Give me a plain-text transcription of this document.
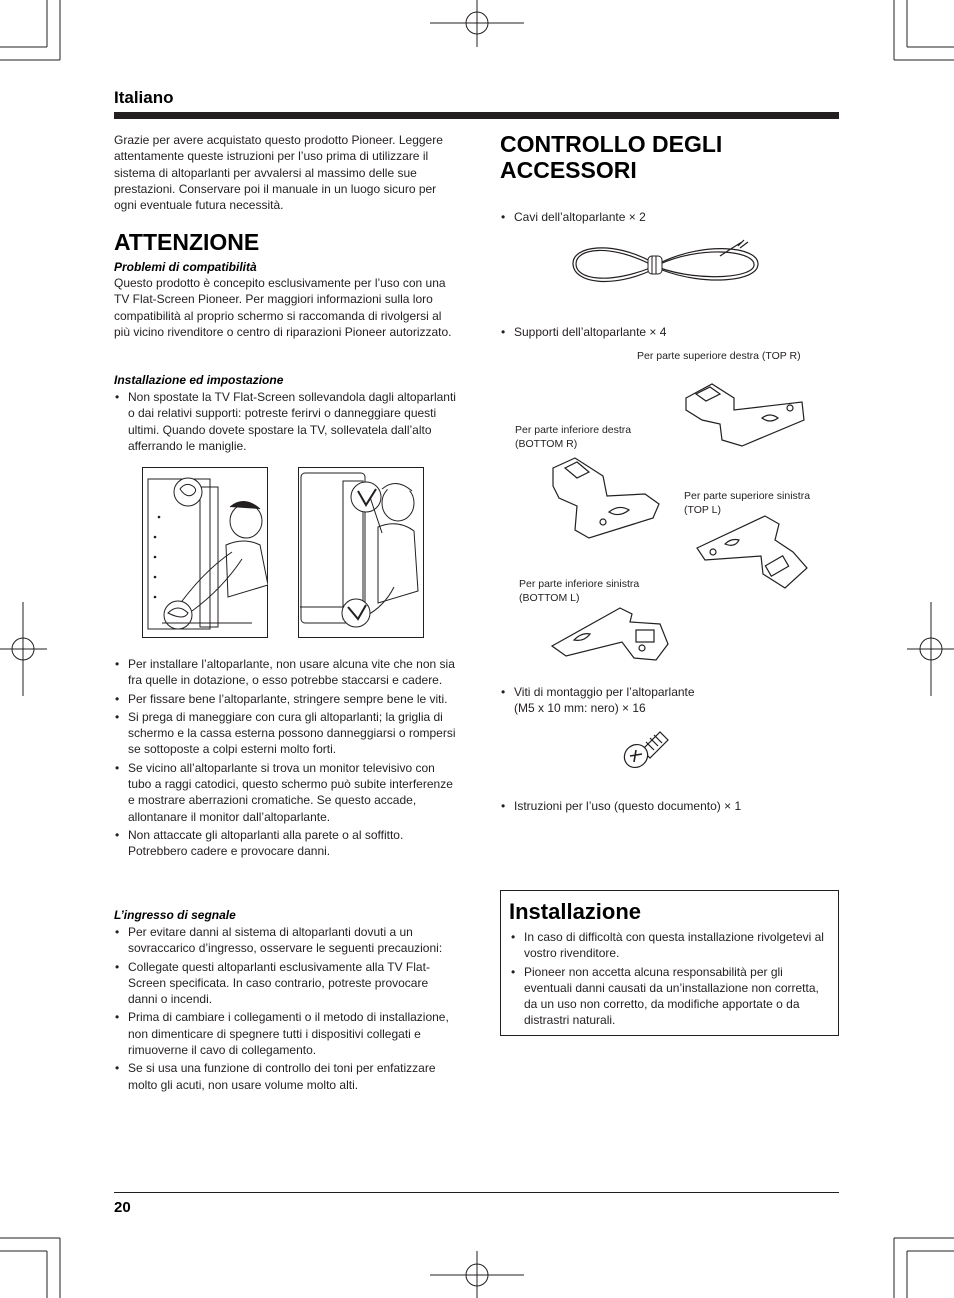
Italiano

Grazie per avere acquistato questo prodotto Pioneer. Leggere attentamente queste istruzioni per l’uso prima di utilizzare il sistema di altoparlanti per avvalersi al massimo delle sue prestazioni. Conservare poi il manuale in un luogo sicuro per ogni eventuale futura necessità.

ATTENZIONE
Problemi di compatibilità

Questo prodotto è concepito esclusivamente per l’uso con una TV Flat-Screen Pioneer. Per maggiori informazioni sulla loro compatibilità al proprio schermo si raccomanda di rivolgersi al più vicino rivenditore o centro di riparazioni Pioneer autorizzato.

Installazione ed impostazione
• Non spostate la TV Flat-Screen sollevandola dagli altoparlanti o dai relativi supporti: potreste ferirvi o danneggiare questi ultimi. Quando dovete spostare la TV, sollevatela dall’alto afferrando le maniglie.
• Per installare l’altoparlante, non usare alcuna vite che non sia fra quelle in dotazione, o esso potrebbe staccarsi e cadere.
• Per fissare bene l’altoparlante, stringere sempre bene le viti.
• Si prega di maneggiare con cura gli altoparlanti; la griglia di schermo e la cassa esterna possono danneggiarsi o rompersi se sottoposte a colpi esterni molto forti.
• Se vicino all’altoparlante si trova un monitor televisivo con tubo a raggi catodici, questo schermo può subite interferenze e mostrare aberrazioni cromatiche. Se questo accade, allontanare il monitor dall’altoparlante.
• Non attaccate gli altoparlanti alla parete o al soffitto. Potrebbero cadere e provocare danni.
L’ingresso di segnale
• Per evitare danni al sistema di altoparlanti dovuti a un sovraccarico d’ingresso, osservare le seguenti precauzioni:
• Collegate questi altoparlanti esclusivamente alla TV Flat-Screen specificata. In caso contrario, potreste provocare danni o incendi.
• Prima di cambiare i collegamenti o il metodo di installazione, non dimenticare di spegnere tutti i dispositivi collegati e rimuoverne il cavo di collegamento.
• Se si usa una funzione di controllo dei toni per enfatizzare molto gli acuti, non usare volume molto alti.
CONTROLLO DEGLI ACCESSORI
• Cavi dell’altoparlante × 2
• Supporti dell’altoparlante × 4
Per parte superiore destra (TOP R)
Per parte inferiore destra (BOTTOM R)
Per parte superiore sinistra (TOP L)
Per parte inferiore sinistra (BOTTOM L)
• Viti di montaggio per l’altoparlante
(M5 x 10 mm: nero) × 16
• Istruzioni per l’uso (questo documento) × 1
Installazione
• In caso di difficoltà con questa installazione rivolgetevi al vostro rivenditore.
• Pioneer non accetta alcuna responsabilità per gli eventuali danni causati da un’installazione non corretta, da un uso non corretto, da modifiche apportate o da distrastri naturali.
20
